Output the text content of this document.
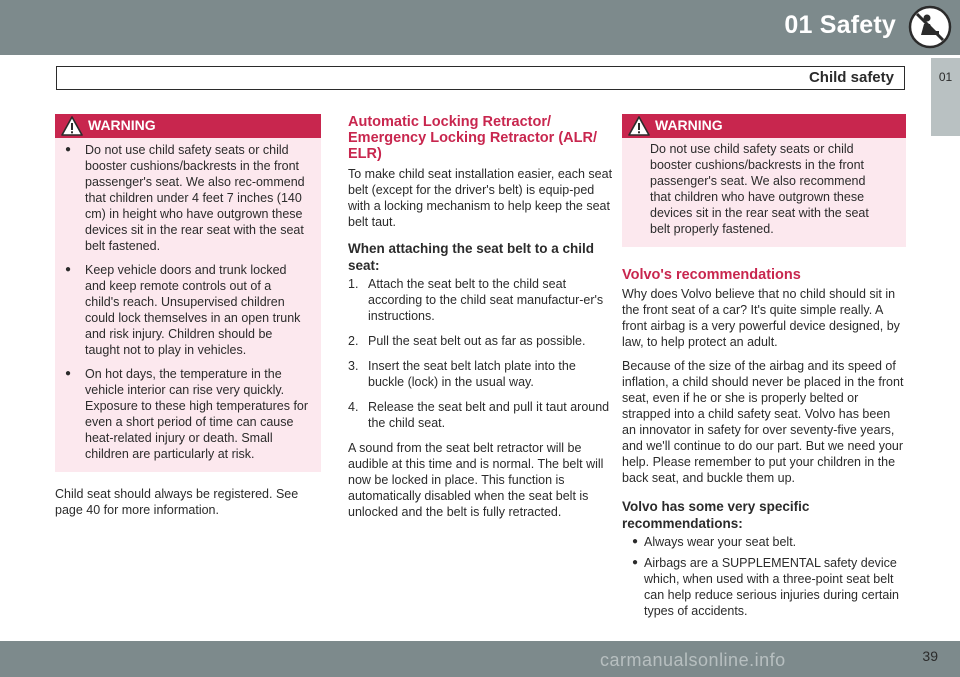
01 Safety
01
Child safety
WARNING
● Do not use child safety seats or child booster cushions/backrests in the front passenger's seat. We also rec-ommend that children under 4 feet 7 inches (140 cm) in height who have outgrown these devices sit in the rear seat with the seat belt fastened.
● Keep vehicle doors and trunk locked and keep remote controls out of a child's reach. Unsupervised children could lock themselves in an open trunk and risk injury. Children should be taught not to play in vehicles.
● On hot days, the temperature in the vehicle interior can rise very quickly. Exposure to these high temperatures for even a short period of time can cause heat-related injury or death. Small children are particularly at risk.

Child seat should always be registered. See page 40 for more information.

Automatic Locking Retractor/ Emergency Locking Retractor (ALR/ ELR)

To make child seat installation easier, each seat belt (except for the driver's belt) is equip-ped with a locking mechanism to help keep the seat belt taut.

When attaching the seat belt to a child seat:
1. Attach the seat belt to the child seat according to the child seat manufactur-er's instructions.
2. Pull the seat belt out as far as possible.
3. Insert the seat belt latch plate into the buckle (lock) in the usual way.
4. Release the seat belt and pull it taut around the child seat.

A sound from the seat belt retractor will be audible at this time and is normal. The belt will now be locked in place. This function is automatically disabled when the seat belt is unlocked and the belt is fully retracted.

WARNING

Do not use child safety seats or child booster cushions/backrests in the front passenger's seat. We also recommend that children who have outgrown these devices sit in the rear seat with the seat belt properly fastened.

Volvo's recommendations

Why does Volvo believe that no child should sit in the front seat of a car? It's quite simple really. A front airbag is a very powerful device designed, by law, to help protect an adult.

Because of the size of the airbag and its speed of inflation, a child should never be placed in the front seat, even if he or she is properly belted or strapped into a child safety seat. Volvo has been an innovator in safety for over seventy-five years, and we'll continue to do our part. But we need your help. Please remember to put your children in the back seat, and buckle them up.

Volvo has some very specific recommendations:
● Always wear your seat belt.
● Airbags are a SUPPLEMENTAL safety device which, when used with a three-point seat belt can help reduce serious injuries during certain types of accidents.
39
carmanualsonline.info
